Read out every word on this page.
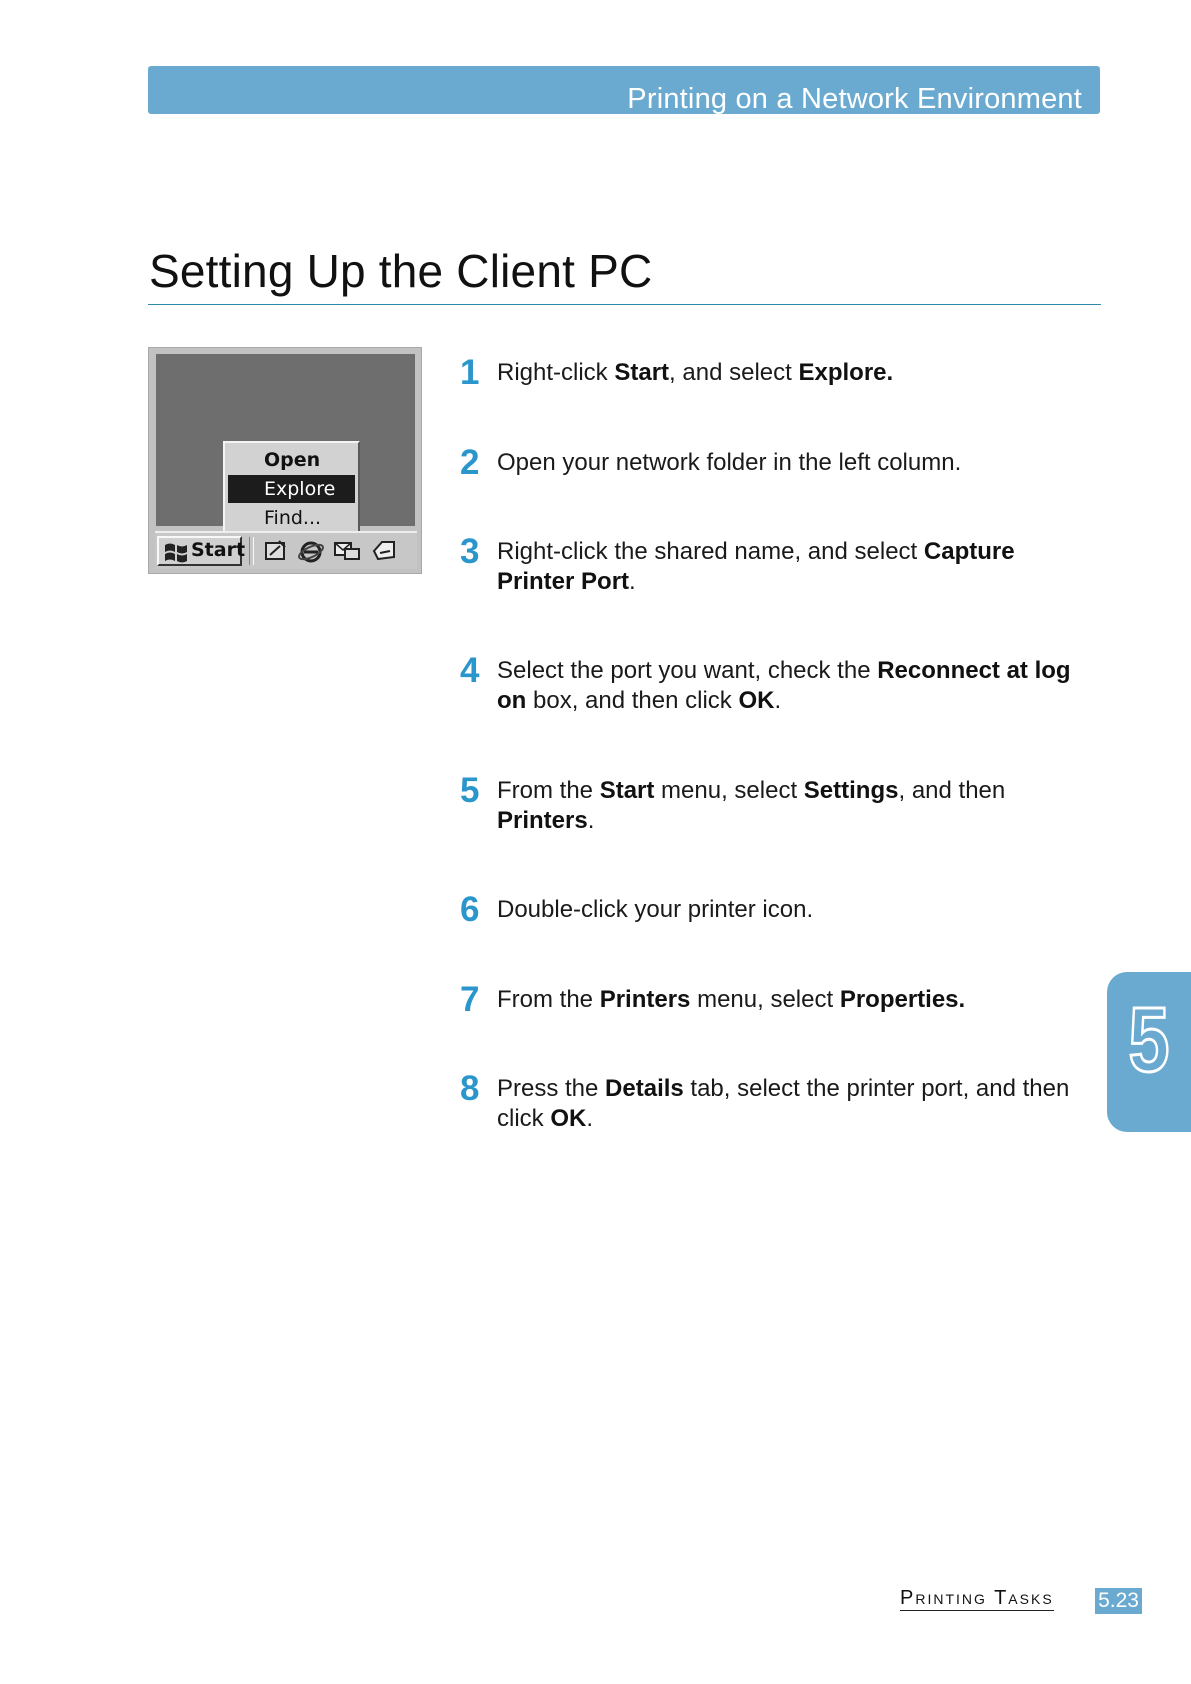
Printing on a Network Environment
Setting Up the Client PC
Open
Explore
Find...
Start
1 Right-click Start, and select Explore.
2 Open your network folder in the left column.
3 Right-click the shared name, and select Capture Printer Port.
4 Select the port you want, check the Reconnect at log on box, and then click OK.
5 From the Start menu, select Settings, and then Printers.
6 Double-click your printer icon.
7 From the Printers menu, select Properties.
8 Press the Details tab, select the printer port, and then click OK.
5
Printing Tasks 5.23
